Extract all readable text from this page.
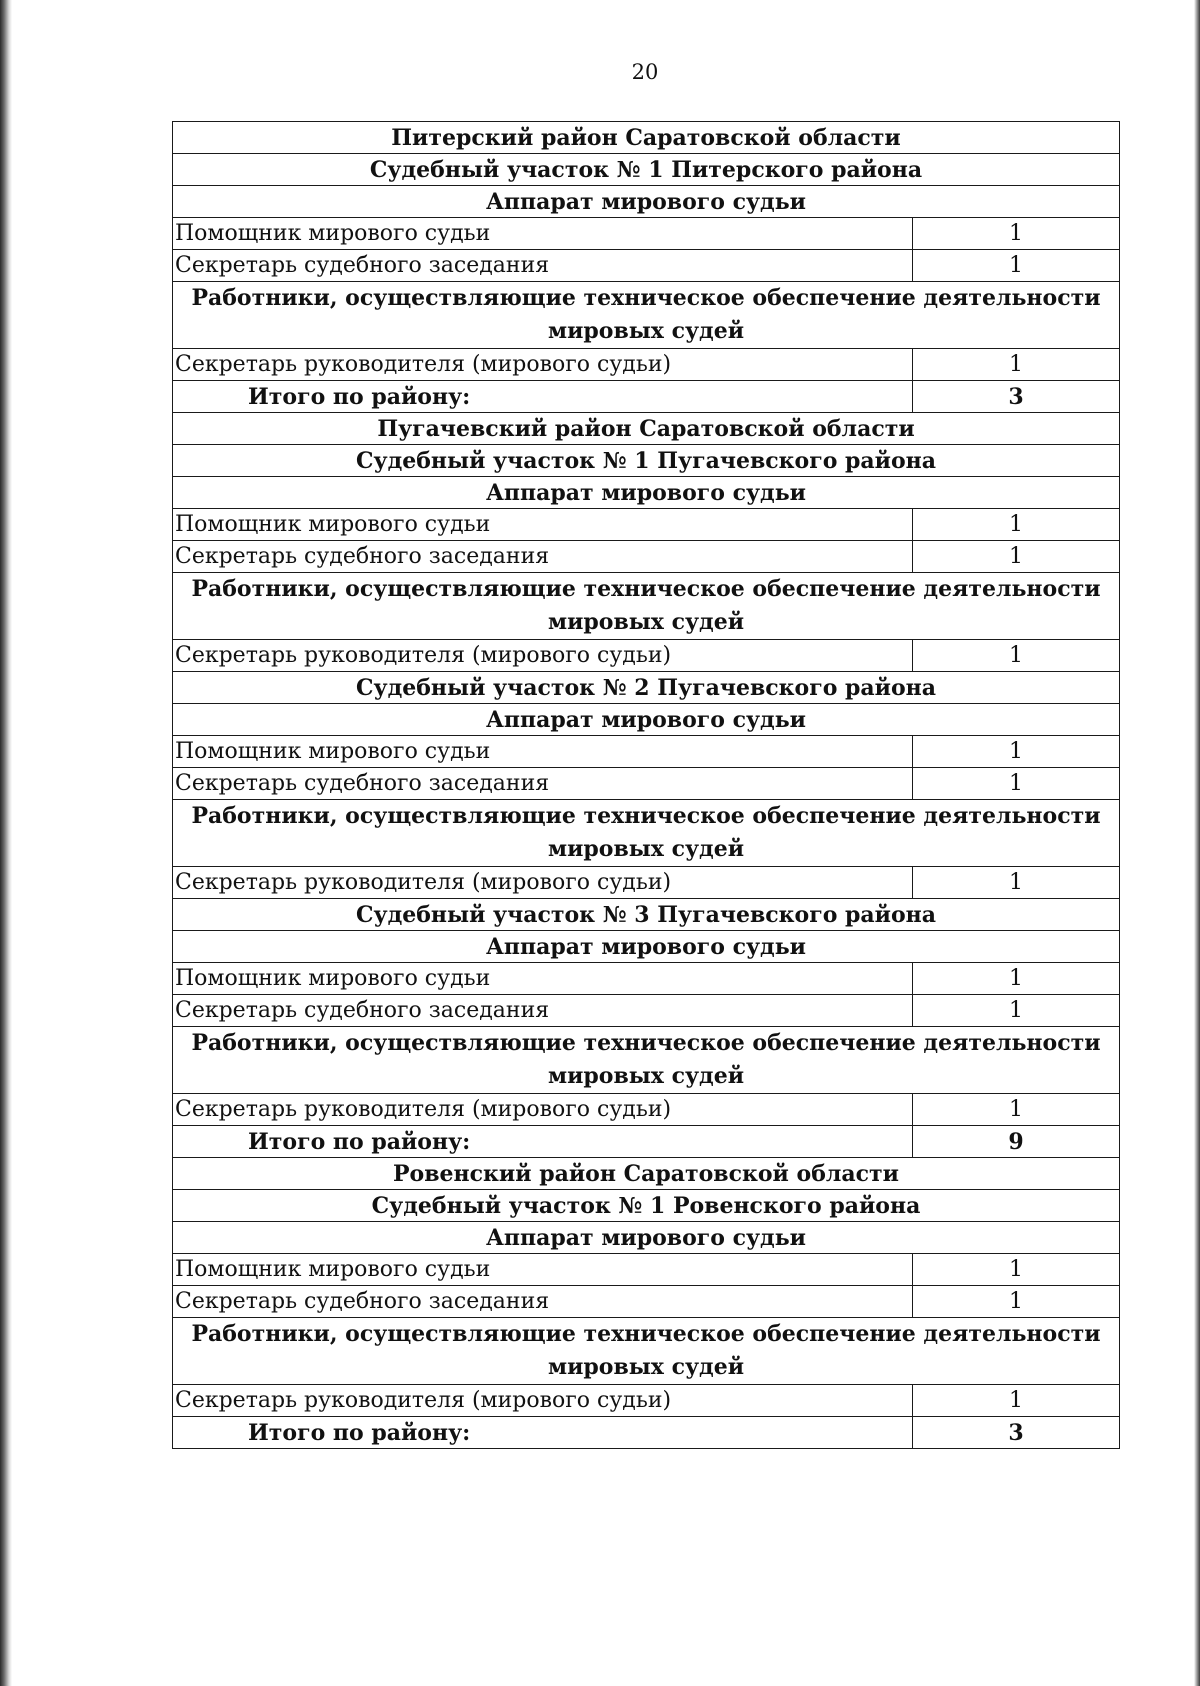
20
Питерский район Саратовской области	
Судебный участок № 1 Питерского района	
Аппарат мирового судьи	
Помощник мирового судьи	1
Секретарь судебного заседания	1
Работники, осуществляющие техническое обеспечение деятельности мировых судей	
Секретарь руководителя (мирового судьи)	1
Итого по району:	3
Пугачевский район Саратовской области	
Судебный участок № 1 Пугачевского района	
Аппарат мирового судьи	
Помощник мирового судьи	1
Секретарь судебного заседания	1
Работники, осуществляющие техническое обеспечение деятельности мировых судей	
Секретарь руководителя (мирового судьи)	1
Судебный участок № 2 Пугачевского района	
Аппарат мирового судьи	
Помощник мирового судьи	1
Секретарь судебного заседания	1
Работники, осуществляющие техническое обеспечение деятельности мировых судей	
Секретарь руководителя (мирового судьи)	1
Судебный участок № 3 Пугачевского района	
Аппарат мирового судьи	
Помощник мирового судьи	1
Секретарь судебного заседания	1
Работники, осуществляющие техническое обеспечение деятельности мировых судей	
Секретарь руководителя (мирового судьи)	1
Итого по району:	9
Ровенский район Саратовской области	
Судебный участок № 1 Ровенского района	
Аппарат мирового судьи	
Помощник мирового судьи	1
Секретарь судебного заседания	1
Работники, осуществляющие техническое обеспечение деятельности мировых судей	
Секретарь руководителя (мирового судьи)	1
Итого по району:	3
